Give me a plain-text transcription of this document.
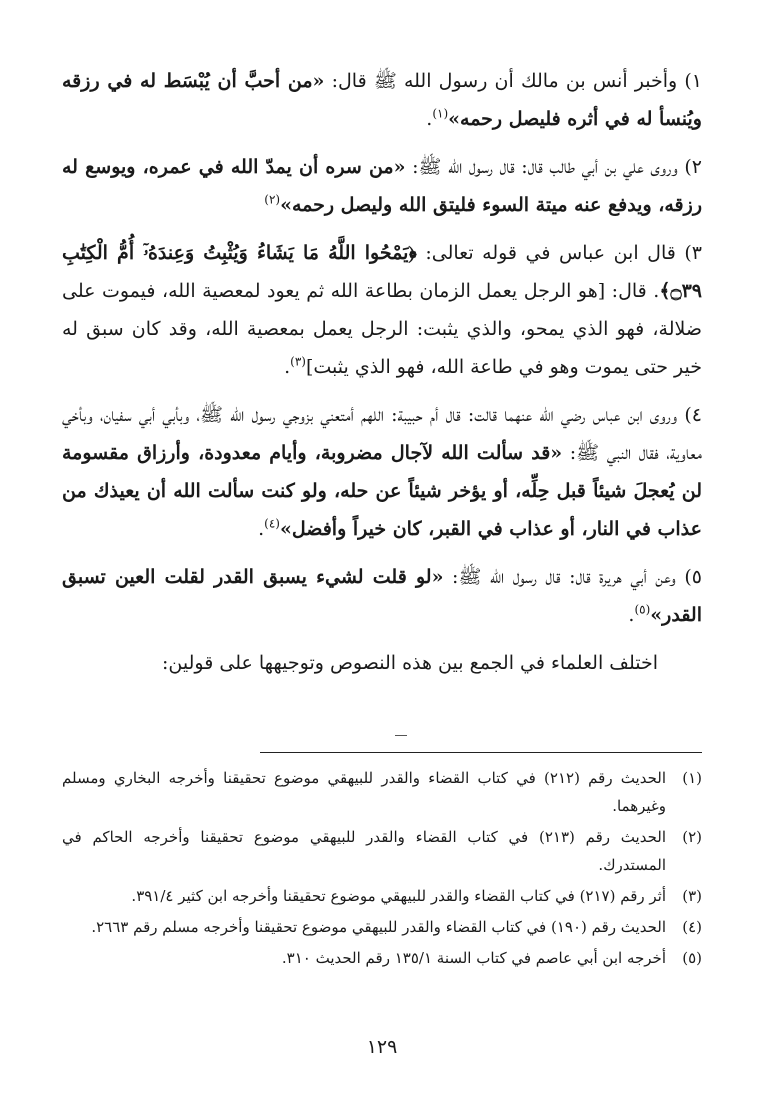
١) وأخبر أنس بن مالك أن رسول الله ﷺ قال: «من أحبَّ أن يُبْسَط له في رزقه ويُنسأ له في أثره فليصل رحمه»$^{(١)}$.

٢) وروى علي بن أبي طالب قال: قال رسول الله ﷺ: «من سره أن يمدّ الله في عمره، ويوسع له رزقه، ويدفع عنه ميتة السوء فليتق الله وليصل رحمه»$^{(٢)}$

٣) قال ابن عباس في قوله تعالى: ﴿يَمْحُوا اللَّهُ مَا يَشَاءُ وَيُثْبِتُ وَعِندَهُۥٓ أُمُّ الْكِتَٰبِ ۝٣٩﴾. قال: [هو الرجل يعمل الزمان بطاعة الله ثم يعود لمعصية الله، فيموت على ضلالة، فهو الذي يمحو، والذي يثبت: الرجل يعمل بمعصية الله، وقد كان سبق له خير حتى يموت وهو في طاعة الله، فهو الذي يثبت]$^{(٣)}$.

٤) وروى ابن عباس رضي الله عنهما قالت: قال أم حبيبة: اللهم أمتعني بزوجي رسول الله ﷺ، وبأبي أبي سفيان، وبأخي معاوية، فقال النبي ﷺ: «قد سألت الله لآجال مضروبة، وأيام معدودة، وأرزاق مقسومة لن يُعجلَ شيئاً قبل حِلِّه، أو يؤخر شيئاً عن حله، ولو كنت سألت الله أن يعيذك من عذاب في النار، أو عذاب في القبر، كان خيراً وأفضل»$^{(٤)}$.

٥) وعن أبي هريرة قال: قال رسول الله ﷺ: «لو قلت لشيء يسبق القدر لقلت العين تسبق القدر»$^{(٥)}$.

اختلف العلماء في الجمع بين هذه النصوص وتوجيهها على قولين:

(١)الحديث رقم (٢١٢) في كتاب القضاء والقدر للبيهقي موضوع تحقيقنا وأخرجه البخاري ومسلم وغيرهما.

(٢)الحديث رقم (٢١٣) في كتاب القضاء والقدر للبيهقي موضوع تحقيقنا وأخرجه الحاكم في المستدرك.

(٣)أثر رقم (٢١٧) في كتاب القضاء والقدر للبيهقي موضوع تحقيقنا وأخرجه ابن كثير ٣٩١/٤.

(٤)الحديث رقم (١٩٠) في كتاب القضاء والقدر للبيهقي موضوع تحقيقنا وأخرجه مسلم رقم ٢٦٦٣.

(٥)أخرجه ابن أبي عاصم في كتاب السنة ١٣٥/١ رقم الحديث ٣١٠.

١٢٩
